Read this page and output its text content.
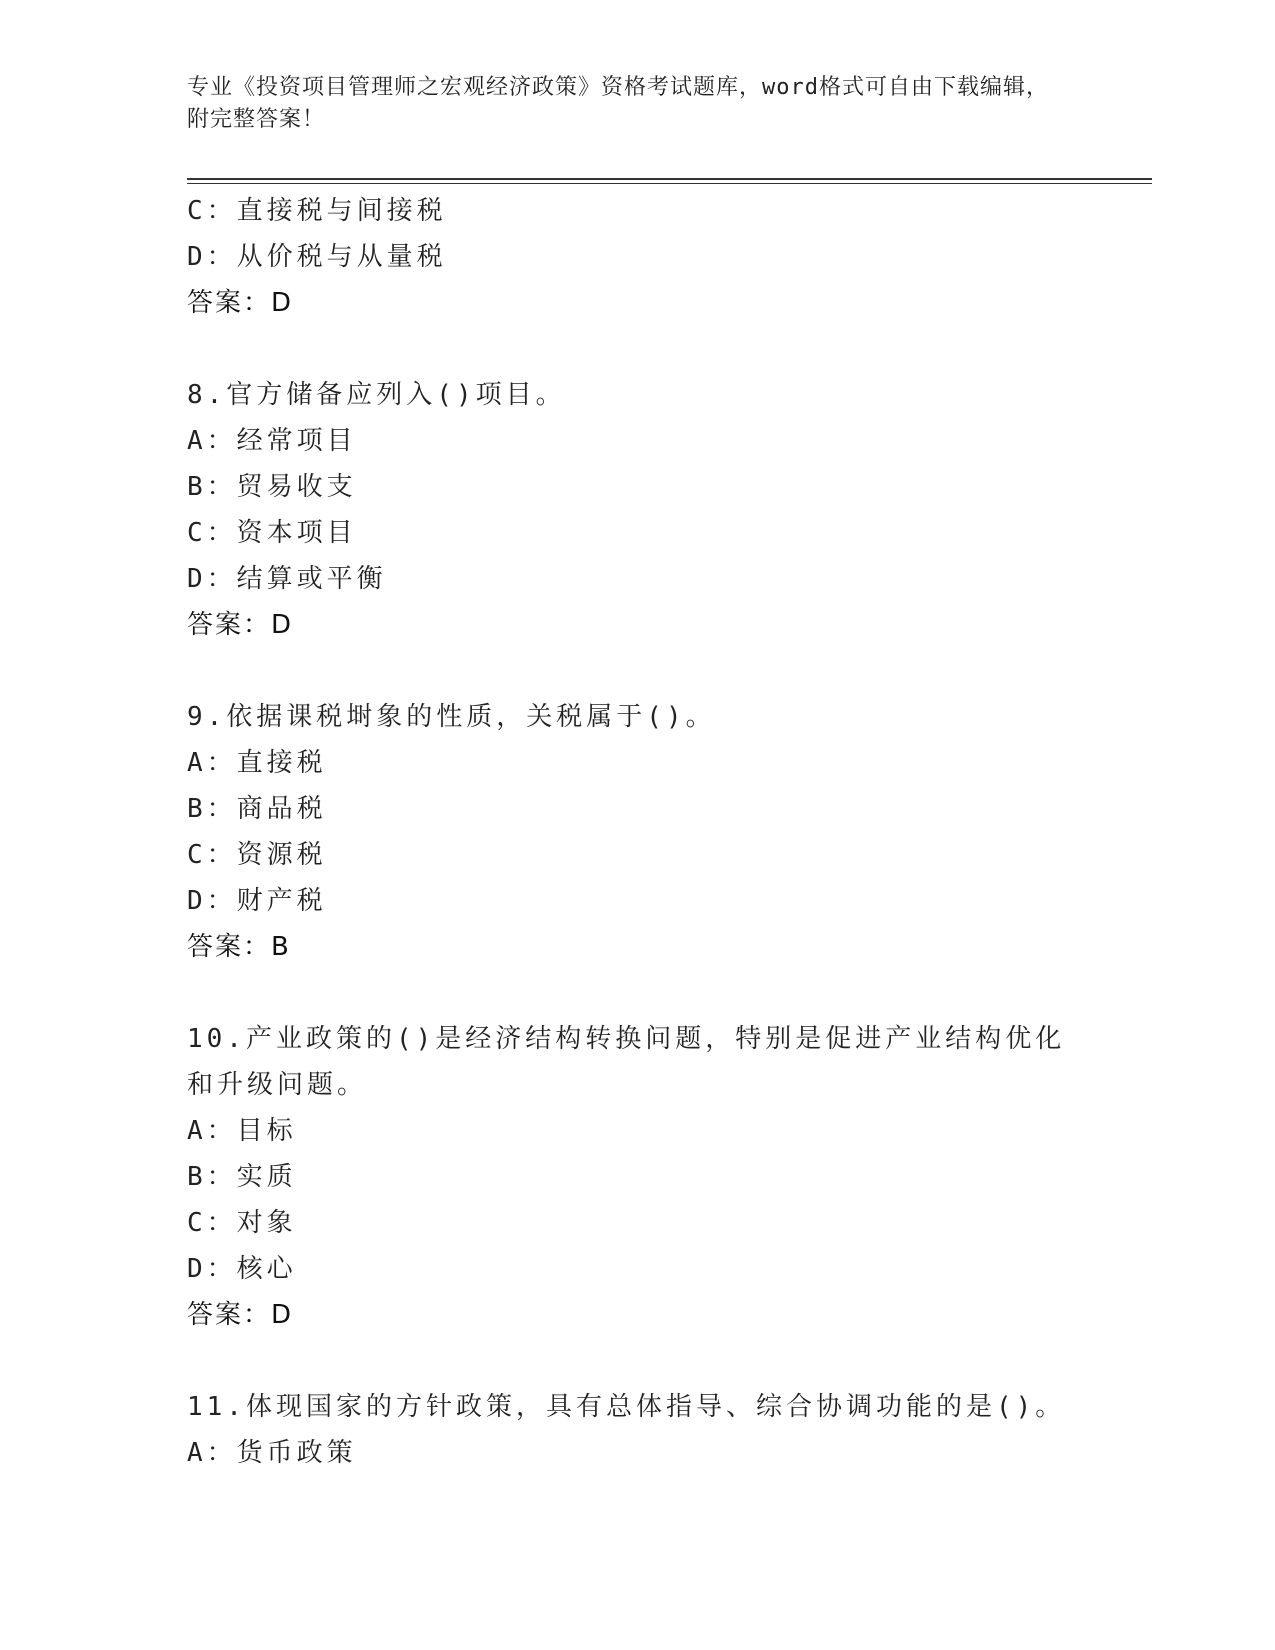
专业《投资项目管理师之宏观经济政策》资格考试题库，word格式可自由下载编辑，附完整答案！
C：直接税与间接税
D：从价税与从量税
答案：D
8.官方储备应列入()项目。
A：经常项目
B：贸易收支
C：资本项目
D：结算或平衡
答案：D
9.依据课税埘象的性质，关税属于()。
A：直接税
B：商品税
C：资源税
D：财产税
答案：B
10.产业政策的()是经济结构转换问题，特别是促进产业结构优化和升级问题。
A：目标
B：实质
C：对象
D：核心
答案：D
11.体现国家的方针政策，具有总体指导、综合协调功能的是()。
A：货币政策
